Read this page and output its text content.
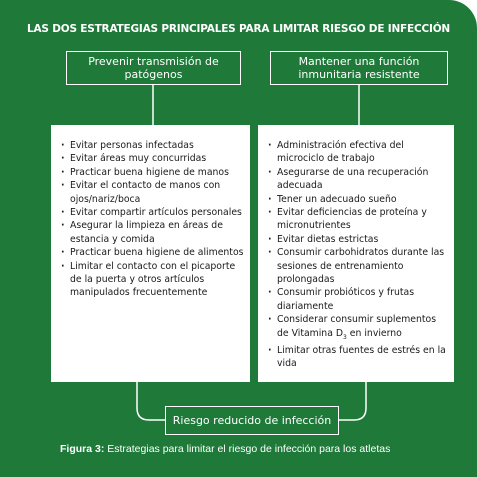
LAS DOS ESTRATEGIAS PRINCIPALES PARA LIMITAR RIESGO DE INFECCIÓN
Prevenir transmisión de patógenos
Mantener una función inmunitaria resistente
· Evitar personas infectadas
· Evitar áreas muy concurridas
· Practicar buena higiene de manos
· Evitar el contacto de manos con ojos/nariz/boca
· Evitar compartir artículos personales
· Asegurar la limpieza en áreas de estancia y comida
· Practicar buena higiene de alimentos
· Limitar el contacto con el picaporte de la puerta y otros artículos manipulados frecuentemente
· Administración efectiva del microciclo de trabajo
· Asegurarse de una recuperación adecuada
· Tener un adecuado sueño
· Evitar deficiencias de proteína y micronutrientes
· Evitar dietas estrictas
· Consumir carbohidratos durante las sesiones de entrenamiento prolongadas
· Consumir probióticos y frutas diariamente
· Considerar consumir suplementos de Vitamina $D_3$ en invierno
· Limitar otras fuentes de estrés en la vida
Riesgo reducido de infección
Figura 3: Estrategias para limitar el riesgo de infección para los atletas
